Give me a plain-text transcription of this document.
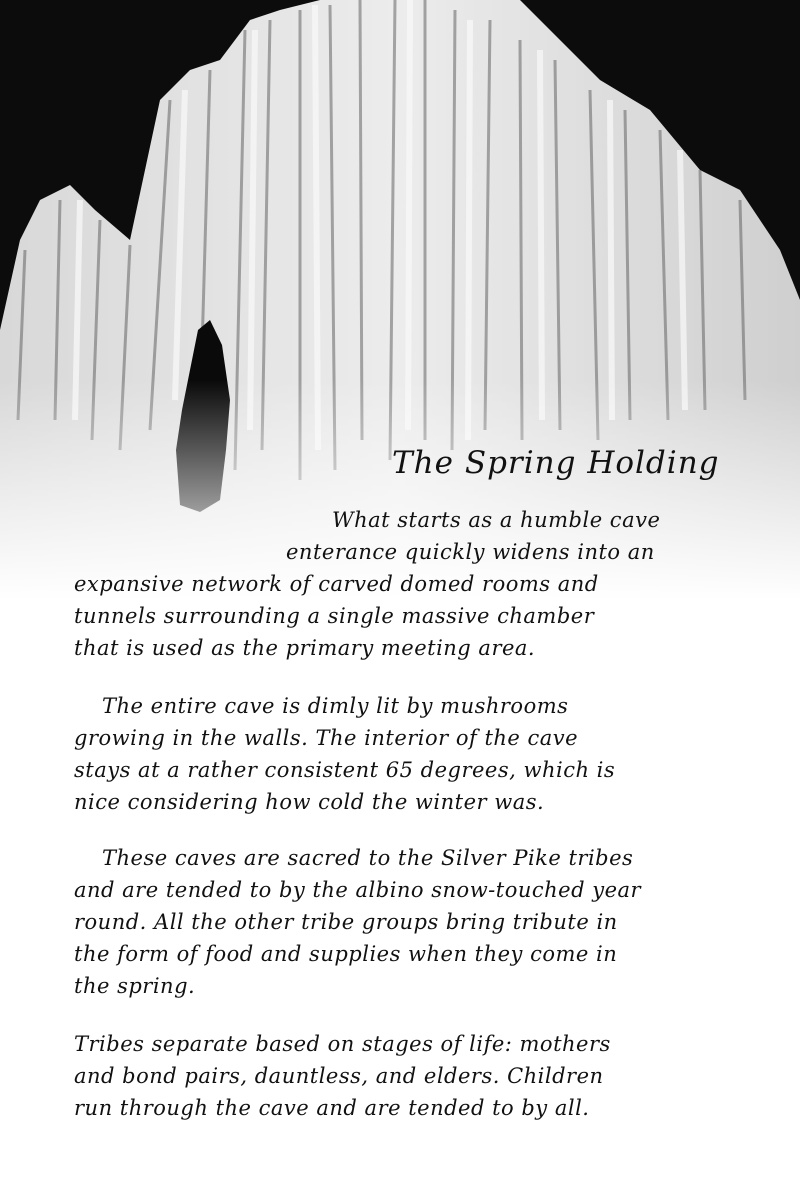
The Spring Holding

What starts as a humble cave
enterance quickly widens into an
expansive network of carved domed rooms and
tunnels surrounding a single massive chamber
that is used as the primary meeting area.

The entire cave is dimly lit by mushrooms
growing in the walls. The interior of the cave
stays at a rather consistent 65 degrees, which is
nice considering how cold the winter was.

These caves are sacred to the Silver Pike tribes
and are tended to by the albino snow-touched year
round. All the other tribe groups bring tribute in
the form of food and supplies when they come in
the spring.

Tribes separate based on stages of life: mothers
and bond pairs, dauntless, and elders. Children
run through the cave and are tended to by all.
